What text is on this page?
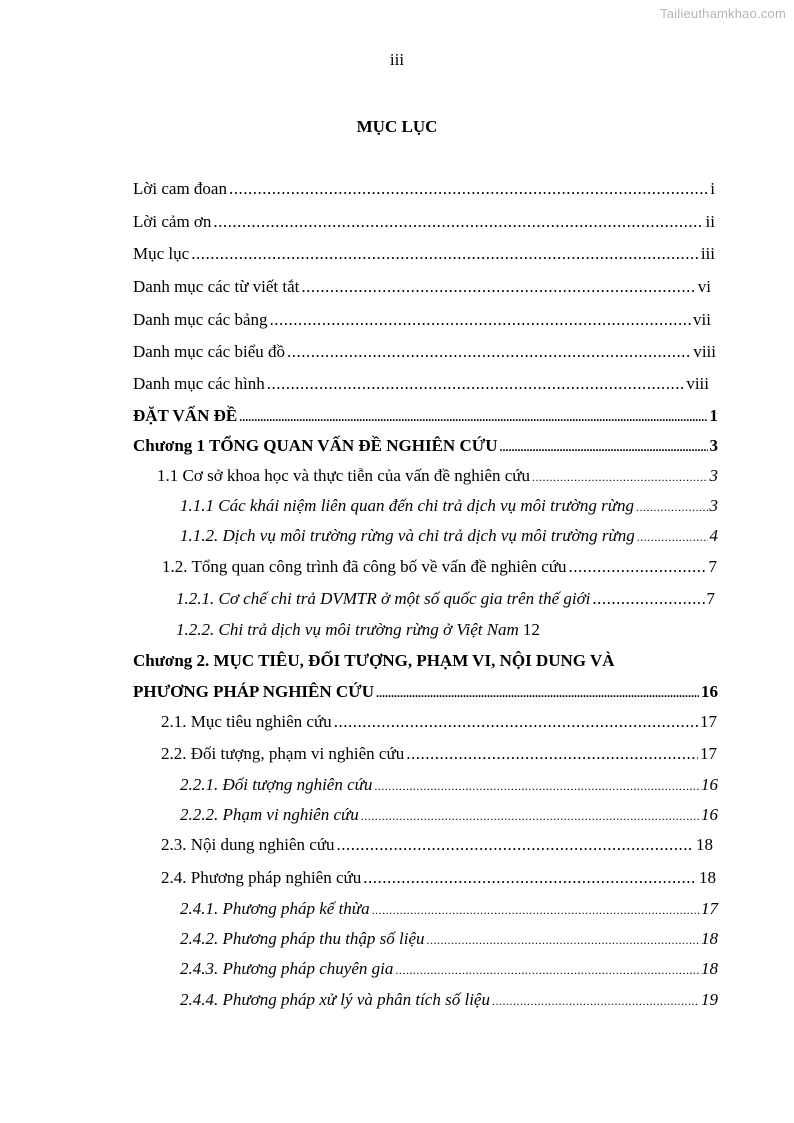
Tailieuthamkhao.com
iii
MỤC LỤC
Lời cam đoan .....	i
Lời cảm ơn .....	ii
Mục lục .....	iii
Danh mục các từ viết tắt .....	vi
Danh mục các bảng .....	vii
Danh mục các biểu đồ .....	viii
Danh mục các hình .....	viii
ĐẶT VẤN ĐỀ .....	1
Chương 1 TỔNG QUAN VẤN ĐỀ NGHIÊN CỨU .....	3
1.1 Cơ sở khoa học và thực tiễn của vấn đề nghiên cứu .....	3
1.1.1 Các khái niệm liên quan đến chi trả dịch vụ môi trường rừng .....	3
1.1.2. Dịch vụ môi trường rừng và chi trả dịch vụ môi trường rừng .....	4
1.2. Tổng quan công trình đã công bố về vấn đề nghiên cứu .....	7
1.2.1. Cơ chế chi trả DVMTR ở một số quốc gia trên thế giới .....	7
1.2.2. Chi trả dịch vụ môi trường rừng ở Việt Nam 12
Chương 2. MỤC TIÊU, ĐỐI TƯỢNG, PHẠM VI, NỘI DUNG VÀ
PHƯƠNG PHÁP NGHIÊN CỨU .....	16
2.1. Mục tiêu nghiên cứu .....	17
2.2. Đối tượng, phạm vi nghiên cứu .....	17
2.2.1. Đối tượng nghiên cứu .....	16
2.2.2. Phạm vi nghiên cứu .....	16
2.3. Nội dung nghiên cứu .....	18
2.4. Phương pháp nghiên cứu .....	18
2.4.1. Phương pháp kế thừa .....	17
2.4.2. Phương pháp thu thập số liệu .....	18
2.4.3. Phương pháp chuyên gia .....	18
2.4.4. Phương pháp xử lý và phân tích số liệu .....	19
